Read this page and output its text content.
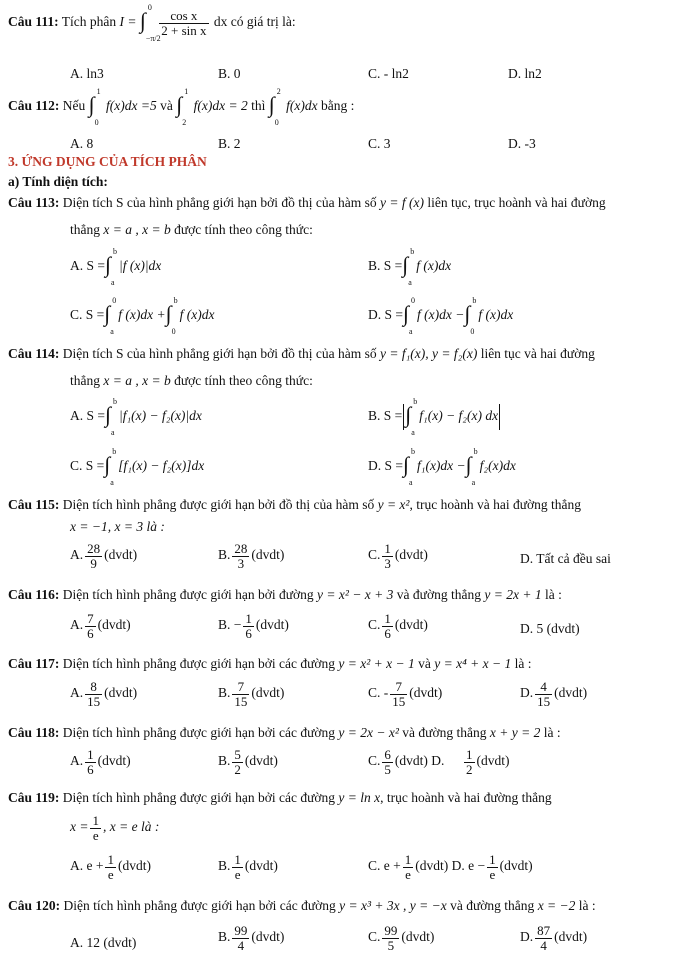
Câu 111: Tích phân I = ∫
0
−π/2

$\frac{\text{cos x}}{\text{2 + sin x}}$ dx có giá trị là:
A. ln3	B. 0	C. - ln2	D. ln2
Câu 112: Nếu ∫
1
0
f(x)dx =5 và ∫
1
2
f(x)dx = 2 thì ∫
2
0
f(x)dx bằng :
A. 8	B. 2	C. 3	D. -3
3. ỨNG DỤNG CỦA TÍCH PHÂN
a) Tính diện tích:
Câu 113: Diện tích S của hình phẳng giới hạn bởi đồ thị của hàm số y = f (x) liên tục, trục hoành và hai đường
thẳng x = a , x = b được tính theo công thức:
A. S = ∫
b
a
|f (x)|dx	B. S = ∫
b
a
f (x)dx
C. S = ∫
0
a
f (x)dx + ∫
b
0
f (x)dx	D. S = ∫
0
a
f (x)dx − ∫
b
0
f (x)dx
Câu 114: Diện tích S của hình phẳng giới hạn bởi đồ thị của hàm số y = f₁(x), y = f₂(x) liên tục và hai đường
thẳng x = a , x = b được tính theo công thức:
A. S = ∫
b
a
|f₁(x) − f₂(x)|dx	B. S = ∫
b
a
f₁(x) − f₂(x) dx
C. S = ∫
b
a
[f₁(x) − f₂(x)]dx	D. S = ∫
b
a
f₁(x)dx − ∫
b
a
f₂(x)dx
Câu 115: Diện tích hình phẳng được giới hạn bởi đồ thị của hàm số y = x², trục hoành và hai đường thẳng
x = −1, x = 3 là :
A. $\frac{28}{9}$ (dvdt)	B. $\frac{28}{3}$ (dvdt)	C. $\frac{1}{3}$ (dvdt)	D. Tất cả đều sai
Câu 116: Diện tích hình phẳng được giới hạn bởi đường y = x² − x + 3 và đường thẳng y = 2x + 1 là :
A. $\frac{7}{6}$ (dvdt)	B. − $\frac{1}{6}$ (dvdt)	C. $\frac{1}{6}$ (dvdt)	D. 5 (dvdt)
Câu 117: Diện tích hình phẳng được giới hạn bởi các đường y = x² + x − 1 và y = x⁴ + x − 1 là :
A. $\frac{8}{15}$ (dvdt)	B. $\frac{7}{15}$ (dvdt)	C. - $\frac{7}{15}$ (dvdt)	D. $\frac{4}{15}$ (dvdt)
Câu 118: Diện tích hình phẳng được giới hạn bởi các đường y = 2x − x² và đường thẳng x + y = 2 là :
A. $\frac{1}{6}$ (dvdt)	B. $\frac{5}{2}$ (dvdt)	C. $\frac{6}{5}$ (dvdt) D. $\frac{1}{2}$ (dvdt)
Câu 119: Diện tích hình phẳng được giới hạn bởi các đường y = ln x, trục hoành và hai đường thẳng
$x = \frac{1}{e}$ , x = e là :
A. $e + \frac{1}{e}$ (dvdt)	B. $\frac{1}{e}$ (dvdt)	C. $e + \frac{1}{e}$ (dvdt) D. $e - \frac{1}{e}$ (dvdt)
Câu 120: Diện tích hình phẳng được giới hạn bởi các đường y = x³ + 3x , y = −x và đường thẳng x = −2 là :
A. 12 (dvdt)	B. $\frac{99}{4}$ (dvdt)	C. $\frac{99}{5}$ (dvdt)	D. $\frac{87}{4}$ (dvdt)
